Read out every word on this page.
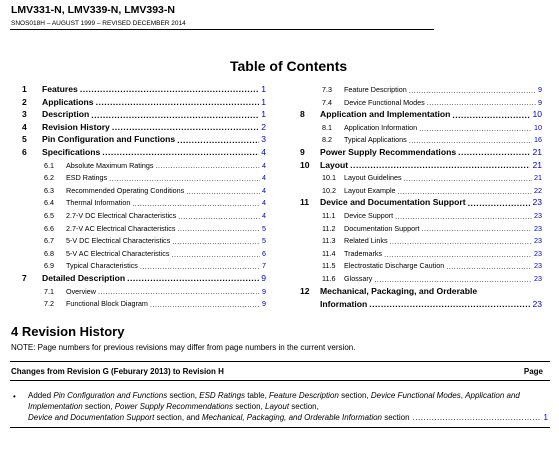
LMV331-N, LMV339-N, LMV393-N
SNOS018H – AUGUST 1999 – REVISED DECEMBER 2014
Table of Contents
1 Features .....	1
2 Applications .....	1
3 Description .....	1
4 Revision History .....	2
5 Pin Configuration and Functions .....	3
6 Specifications .....	4
6.1 Absolute Maximum Ratings .....	4
6.2 ESD Ratings .....	4
6.3 Recommended Operating Conditions .....	4
6.4 Thermal Information .....	4
6.5 2.7-V DC Electrical Characteristics .....	4
6.6 2.7-V AC Electrical Characteristics .....	5
6.7 5-V DC Electrical Characteristics .....	5
6.8 5-V AC Electrical Characteristics .....	6
6.9 Typical Characteristics .....	7
7 Detailed Description .....	9
7.1 Overview .....	9
7.2 Functional Block Diagram .....	9
7.3 Feature Description .....	9
7.4 Device Functional Modes .....	9
8 Application and Implementation .....	10
8.1 Application Information .....	10
8.2 Typical Applications .....	16
9 Power Supply Recommendations .....	21
10 Layout .....	21
10.1 Layout Guidelines .....	21
10.2 Layout Example .....	22
11 Device and Documentation Support .....	23
11.1 Device Support .....	23
11.2 Documentation Support .....	23
11.3 Related Links .....	23
11.4 Trademarks .....	23
11.5 Electrostatic Discharge Caution .....	23
11.6 Glossary .....	23
12 Mechanical, Packaging, and Orderable
Information .....	23
4 Revision History
NOTE: Page numbers for previous revisions may differ from page numbers in the current version.
Changes from Revision G (Feburary 2013) to Revision H	Page
• Added Pin Configuration and Functions section, ESD Ratings table, Feature Description section, Device Functional Modes, Application and Implementation section, Power Supply Recommendations section, Layout section,

Device and Documentation Support section, and Mechanical, Packaging, and Orderable Information section .....	1
